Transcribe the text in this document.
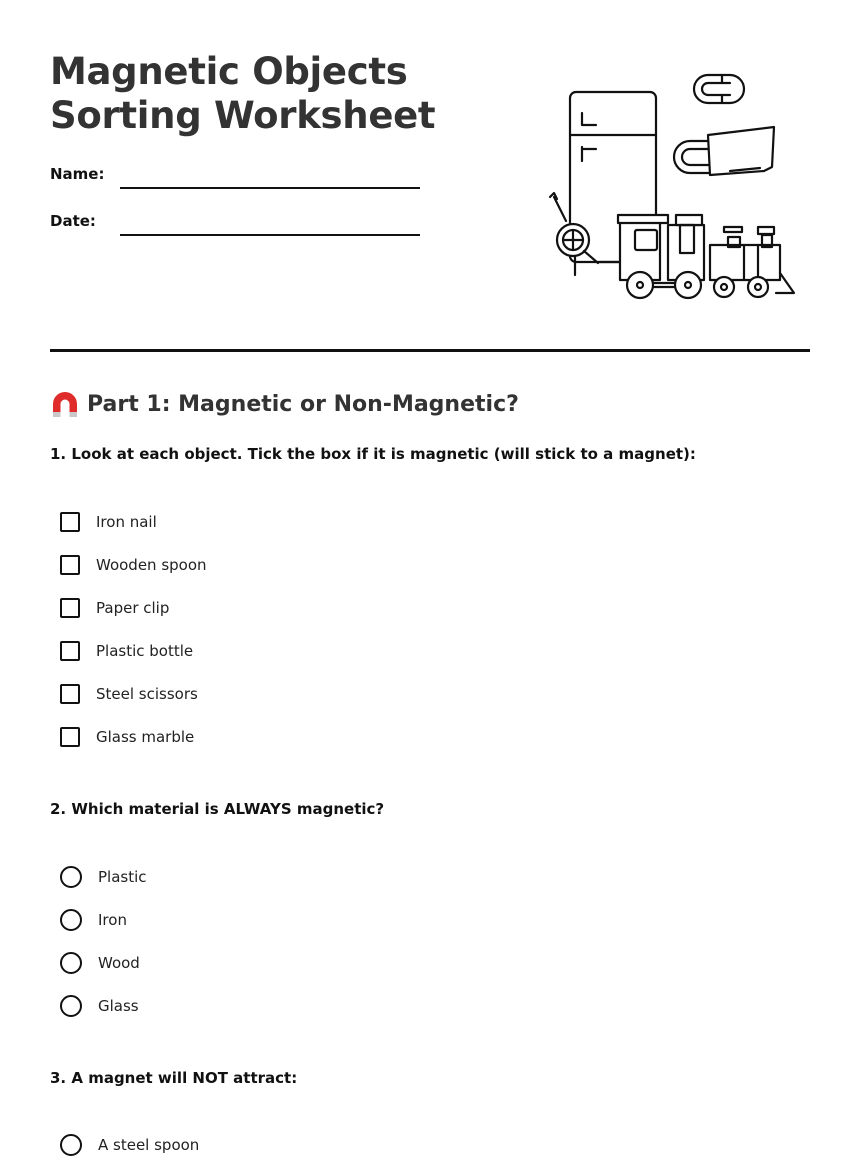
Magnetic Objects
Sorting Worksheet
Name:
Date:
Part 1: Magnetic or Non-Magnetic?
1. Look at each object. Tick the box if it is magnetic (will stick to a magnet):
Iron nail
Wooden spoon
Paper clip
Plastic bottle
Steel scissors
Glass marble
2. Which material is ALWAYS magnetic?
Plastic
Iron
Wood
Glass
3. A magnet will NOT attract:
A steel spoon
